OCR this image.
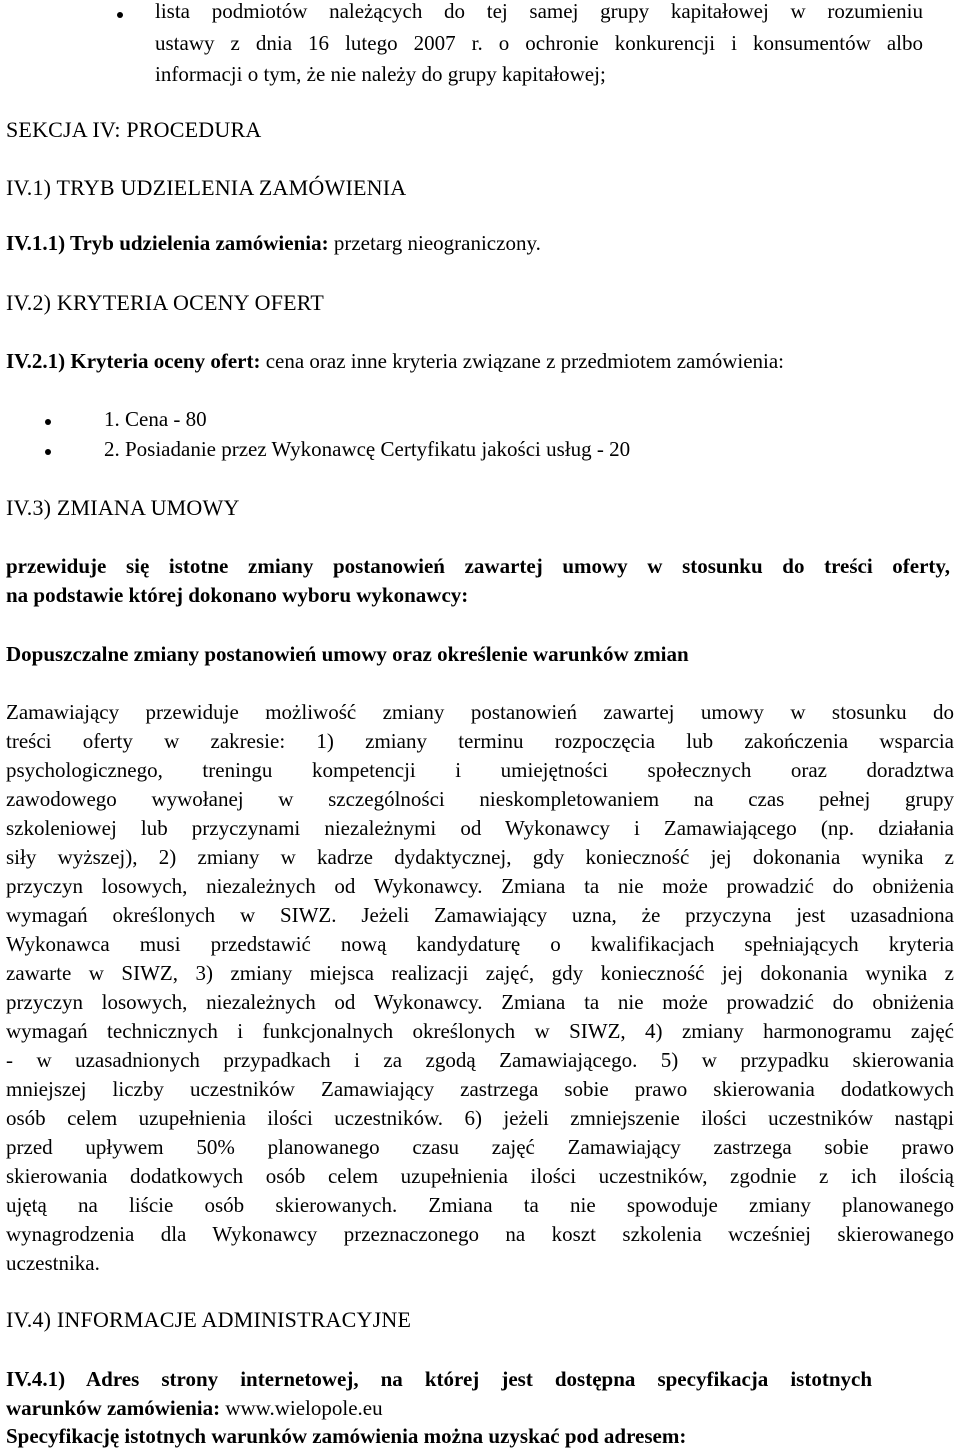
lista podmiotów należących do tej samej grupy kapitałowej w rozumieniu
ustawy z dnia 16 lutego 2007 r. o ochronie konkurencji i konsumentów albo
informacji o tym, że nie należy do grupy kapitałowej;
SEKCJA IV: PROCEDURA
IV.1) TRYB UDZIELENIA ZAMÓWIENIA
IV.1.1) Tryb udzielenia zamówienia: przetarg nieograniczony.
IV.2) KRYTERIA OCENY OFERT
IV.2.1) Kryteria oceny ofert: cena oraz inne kryteria związane z przedmiotem zamówienia:
1. Cena - 80
2. Posiadanie przez Wykonawcę Certyfikatu jakości usług - 20
IV.3) ZMIANA UMOWY
przewiduje się istotne zmiany postanowień zawartej umowy w stosunku do treści oferty,
na podstawie której dokonano wyboru wykonawcy:
Dopuszczalne zmiany postanowień umowy oraz określenie warunków zmian
Zamawiający przewiduje możliwość zmiany postanowień zawartej umowy w stosunku do
treści oferty w zakresie: 1) zmiany terminu rozpoczęcia lub zakończenia wsparcia
psychologicznego, treningu kompetencji i umiejętności społecznych oraz doradztwa
zawodowego wywołanej w szczególności nieskompletowaniem na czas pełnej grupy
szkoleniowej lub przyczynami niezależnymi od Wykonawcy i Zamawiającego (np. działania
siły wyższej), 2) zmiany w kadrze dydaktycznej, gdy konieczność jej dokonania wynika z
przyczyn losowych, niezależnych od Wykonawcy. Zmiana ta nie może prowadzić do obniżenia
wymagań określonych w SIWZ. Jeżeli Zamawiający uzna, że przyczyna jest uzasadniona
Wykonawca musi przedstawić nową kandydaturę o kwalifikacjach spełniających kryteria
zawarte w SIWZ, 3) zmiany miejsca realizacji zajęć, gdy konieczność jej dokonania wynika z
przyczyn losowych, niezależnych od Wykonawcy. Zmiana ta nie może prowadzić do obniżenia
wymagań technicznych i funkcjonalnych określonych w SIWZ, 4) zmiany harmonogramu zajęć
- w uzasadnionych przypadkach i za zgodą Zamawiającego. 5) w przypadku skierowania
mniejszej liczby uczestników Zamawiający zastrzega sobie prawo skierowania dodatkowych
osób celem uzupełnienia ilości uczestników. 6) jeżeli zmniejszenie ilości uczestników nastąpi
przed upływem 50% planowanego czasu zajęć Zamawiający zastrzega sobie prawo
skierowania dodatkowych osób celem uzupełnienia ilości uczestników, zgodnie z ich ilością
ujętą na liście osób skierowanych. Zmiana ta nie spowoduje zmiany planowanego
wynagrodzenia dla Wykonawcy przeznaczonego na koszt szkolenia wcześniej skierowanego
uczestnika.
IV.4) INFORMACJE ADMINISTRACYJNE
IV.4.1) Adres strony internetowej, na której jest dostępna specyfikacja istotnych
warunków zamówienia: www.wielopole.eu
Specyfikację istotnych warunków zamówienia można uzyskać pod adresem:
